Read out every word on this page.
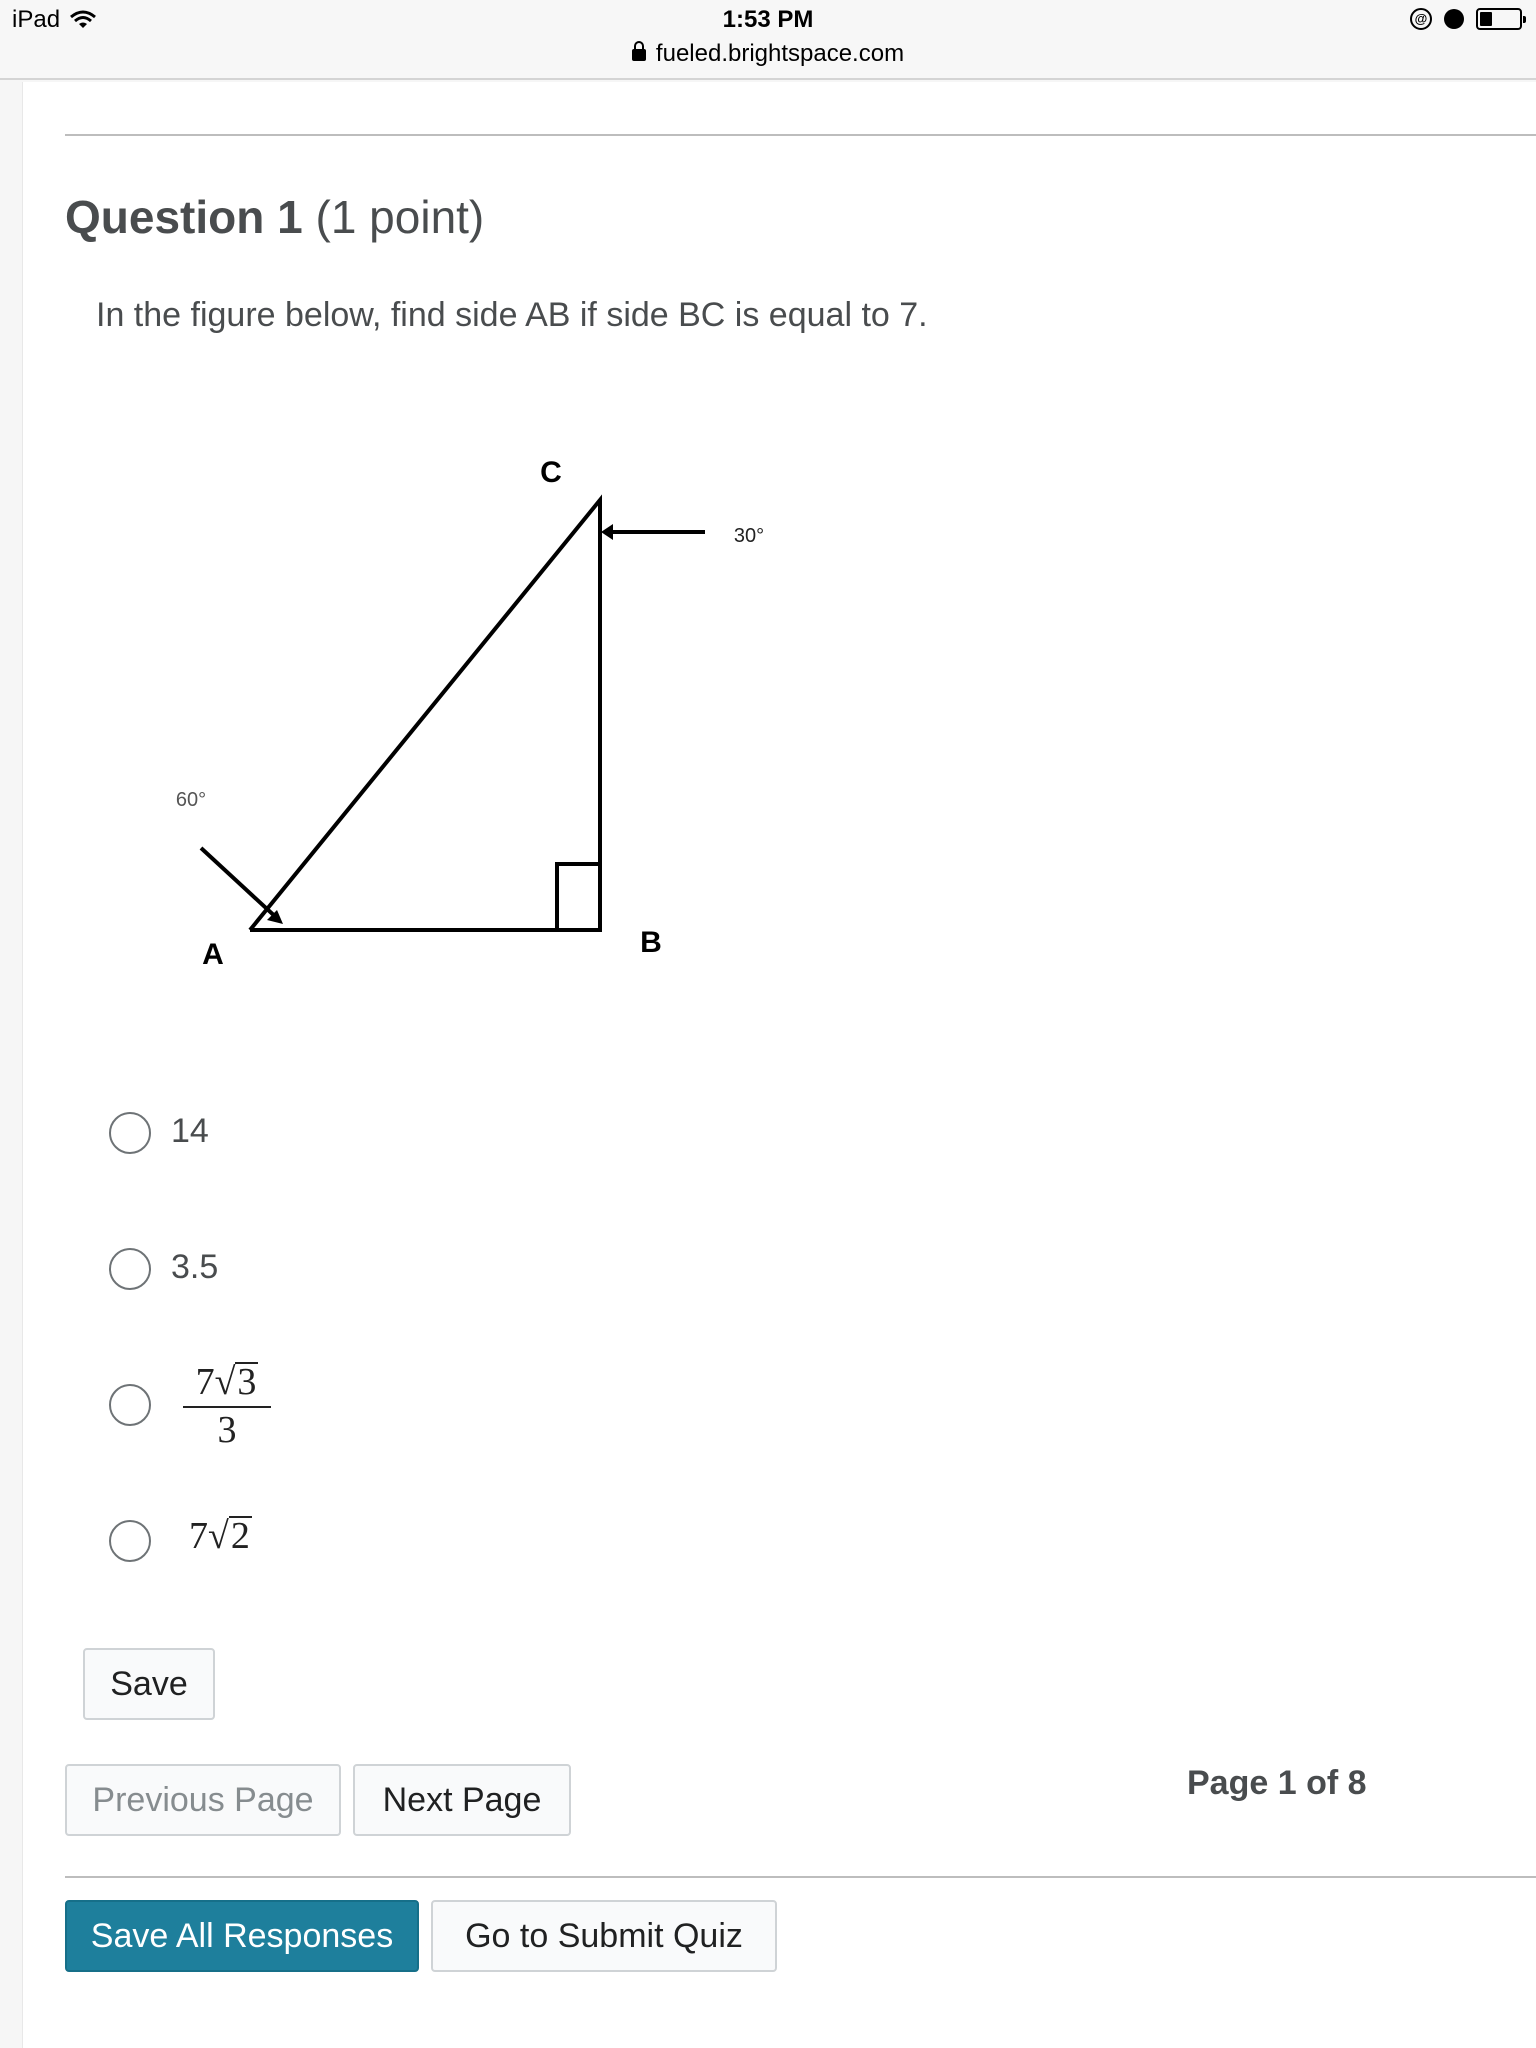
iPad	1:53 PM
fueled.brightspace.com
@
Question 1 (1 point)
In the figure below, find side AB if side BC is equal to 7.
C
B
A
30°
60°
14
3.5
7√3
3
7√2
Save
Previous Page	Next Page	Page 1 of 8
Save All Responses	Go to Submit Quiz
